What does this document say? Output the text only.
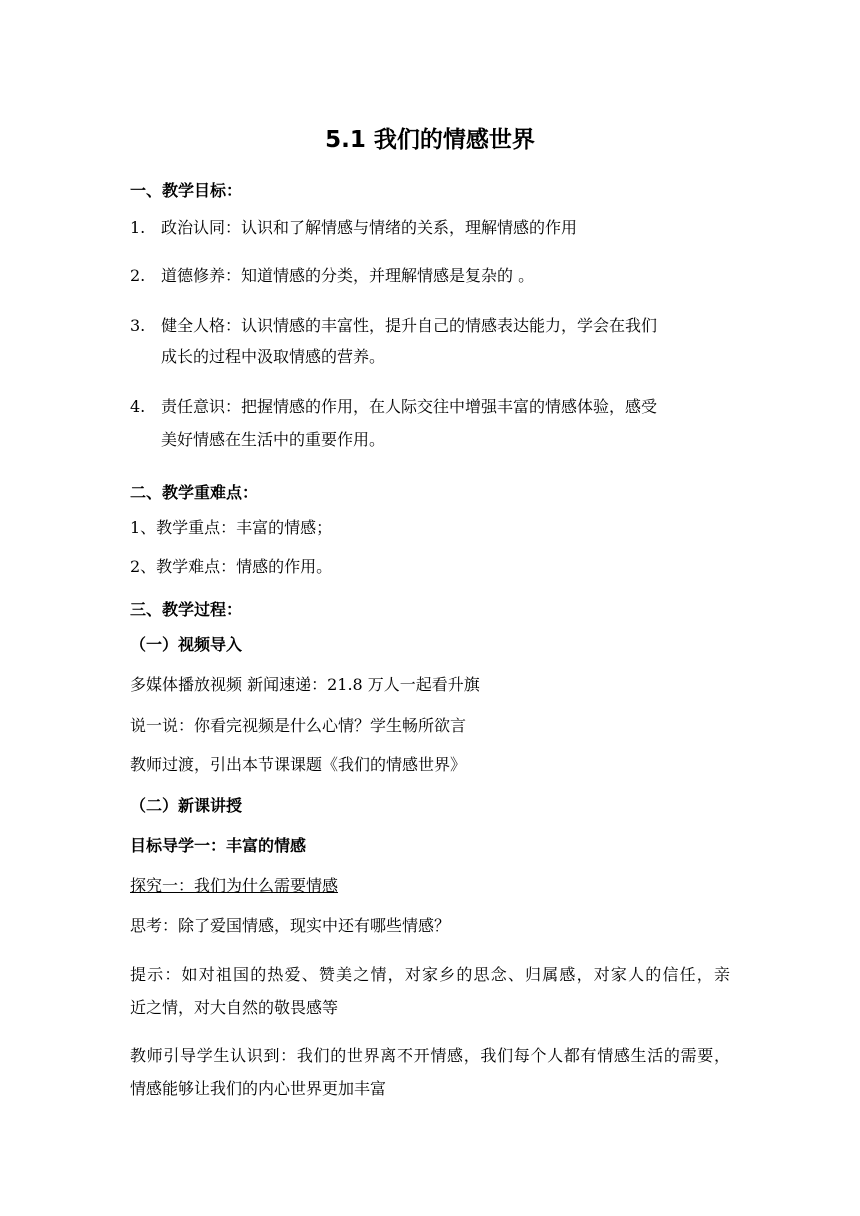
5.1 我们的情感世界
一、教学目标：
1. 政治认同：认识和了解情感与情绪的关系，理解情感的作用
2. 道德修养：知道情感的分类，并理解情感是复杂的 。
3. 健全人格：认识情感的丰富性，提升自己的情感表达能力，学会在我们
成长的过程中汲取情感的营养。
4. 责任意识：把握情感的作用，在人际交往中增强丰富的情感体验，感受
美好情感在生活中的重要作用。
二、教学重难点：
1、教学重点：丰富的情感；
2、教学难点：情感的作用。
三、教学过程：
（一）视频导入
多媒体播放视频 新闻速递：21.8 万人一起看升旗
说一说：你看完视频是什么心情？学生畅所欲言
教师过渡，引出本节课课题《我们的情感世界》
（二）新课讲授
目标导学一：丰富的情感
探究一：我们为什么需要情感
思考：除了爱国情感，现实中还有哪些情感？
提示：如对祖国的热爱、赞美之情，对家乡的思念、归属感，对家人的信任，亲
近之情，对大自然的敬畏感等
教师引导学生认识到：我们的世界离不开情感，我们每个人都有情感生活的需要，
情感能够让我们的内心世界更加丰富
